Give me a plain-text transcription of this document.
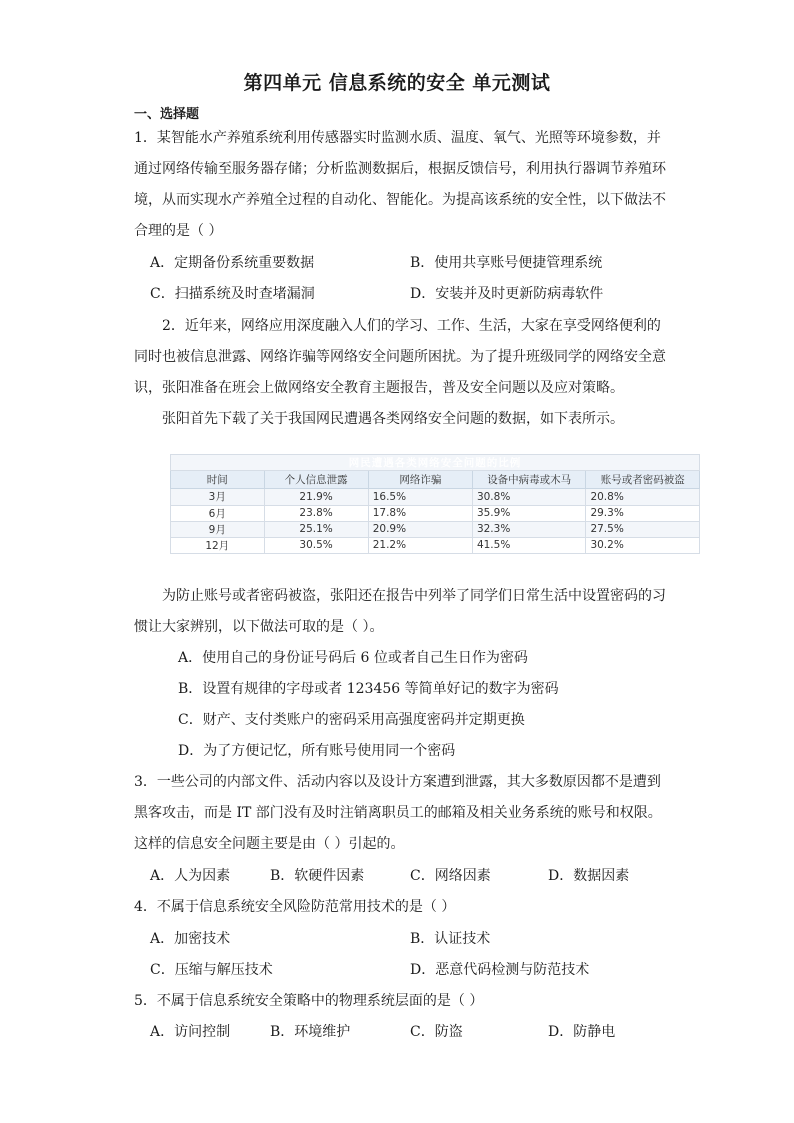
第四单元 信息系统的安全 单元测试
一、选择题
1．某智能水产养殖系统利用传感器实时监测水质、温度、氧气、光照等环境参数，并
通过网络传输至服务器存储；分析监测数据后，根据反馈信号，利用执行器调节养殖环
境，从而实现水产养殖全过程的自动化、智能化。为提高该系统的安全性，以下做法不
合理的是（ ）
A．定期备份系统重要数据	B．使用共享账号便捷管理系统
C．扫描系统及时查堵漏洞	D．安装并及时更新防病毒软件
2．近年来，网络应用深度融入人们的学习、工作、生活，大家在享受网络便利的
同时也被信息泄露、网络诈骗等网络安全问题所困扰。为了提升班级同学的网络安全意
识，张阳准备在班会上做网络安全教育主题报告，普及安全问题以及应对策略。
张阳首先下载了关于我国网民遭遇各类网络安全问题的数据，如下表所示。
网民遭遇各类网络安全问题的比例				
时间	个人信息泄露	网络诈骗	设备中病毒或木马	账号或者密码被盗
3月	21.9%	16.5%	30.8%	20.8%
6月	23.8%	17.8%	35.9%	29.3%
9月	25.1%	20.9%	32.3%	27.5%
12月	30.5%	21.2%	41.5%	30.2%
为防止账号或者密码被盗，张阳还在报告中列举了同学们日常生活中设置密码的习
惯让大家辨别，以下做法可取的是（ ）。
A．使用自己的身份证号码后 6 位或者自己生日作为密码
B．设置有规律的字母或者 123456 等简单好记的数字为密码
C．财产、支付类账户的密码采用高强度密码并定期更换
D．为了方便记忆，所有账号使用同一个密码
3．一些公司的内部文件、活动内容以及设计方案遭到泄露，其大多数原因都不是遭到
黑客攻击，而是 IT 部门没有及时注销离职员工的邮箱及相关业务系统的账号和权限。
这样的信息安全问题主要是由（ ）引起的。
A．人为因素	B．软硬件因素	C．网络因素	D．数据因素
4．不属于信息系统安全风险防范常用技术的是（ ）
A．加密技术	B．认证技术
C．压缩与解压技术	D．恶意代码检测与防范技术
5．不属于信息系统安全策略中的物理系统层面的是（ ）
A．访问控制	B．环境维护	C．防盗	D．防静电
